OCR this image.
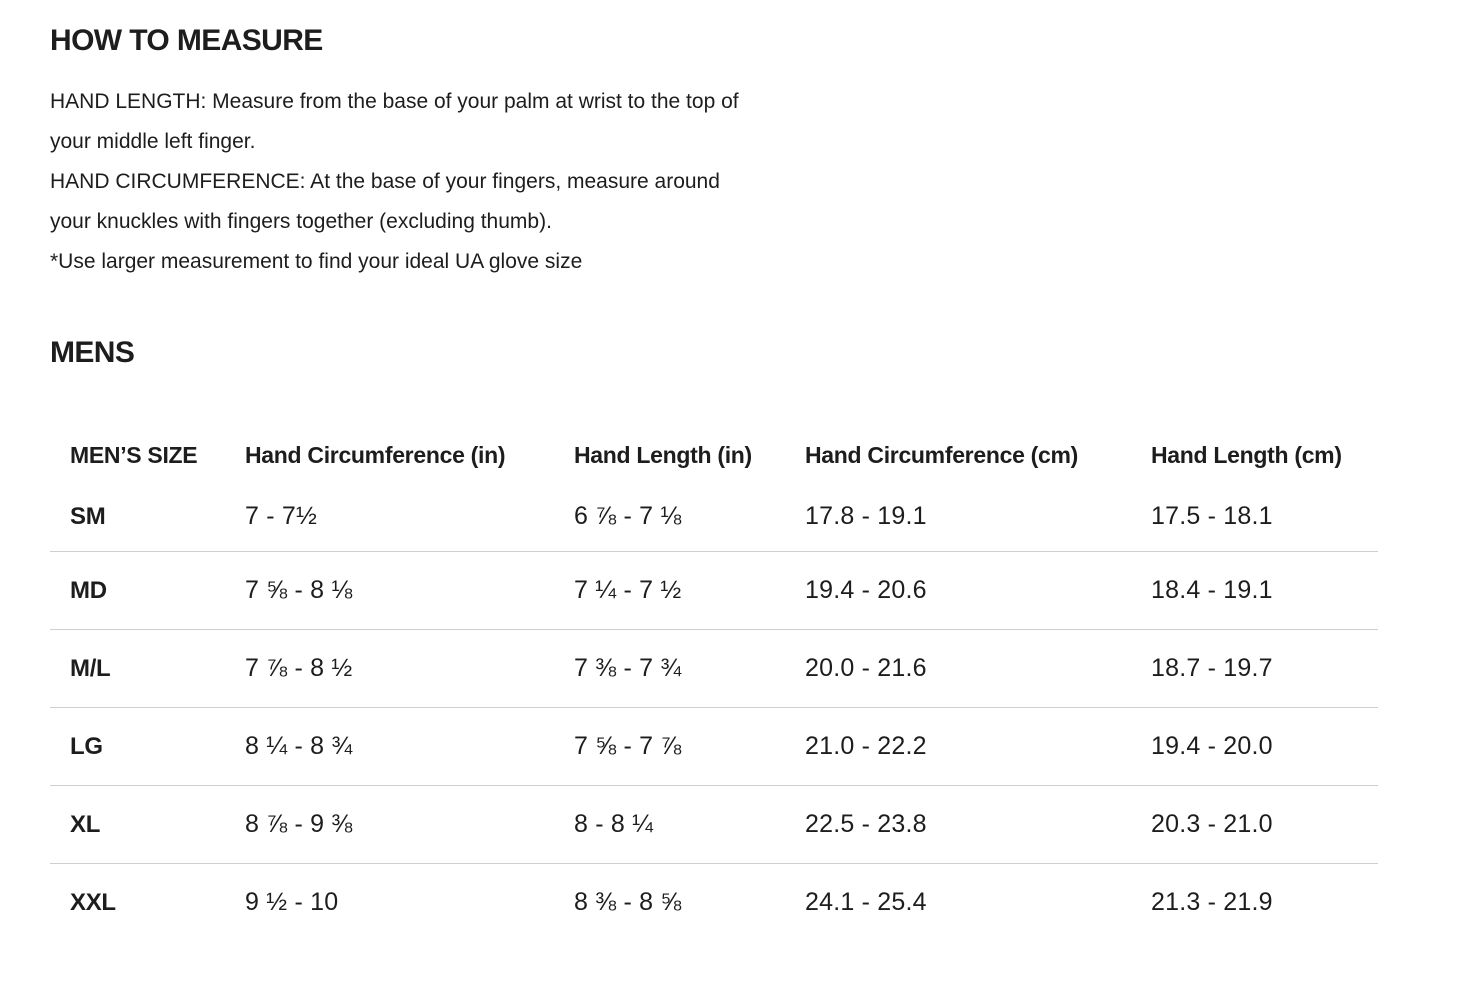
HOW TO MEASURE
HAND LENGTH: Measure from the base of your palm at wrist to the top of
your middle left finger.
HAND CIRCUMFERENCE: At the base of your fingers, measure around
your knuckles with fingers together (excluding thumb).
*Use larger measurement to find your ideal UA glove size
MENS
MEN’S SIZE	Hand Circumference (in)	Hand Length (in)	Hand Circumference (cm)	Hand Length (cm)
SM	7 - 7½	6 ⅞ - 7 ⅛	17.8 - 19.1	17.5 - 18.1
MD	7 ⅝ - 8 ⅛	7 ¼ - 7 ½	19.4 - 20.6	18.4 - 19.1
M/L	7 ⅞ - 8 ½	7 ⅜ - 7 ¾	20.0 - 21.6	18.7 - 19.7
LG	8 ¼ - 8 ¾	7 ⅝ - 7 ⅞	21.0 - 22.2	19.4 - 20.0
XL	8 ⅞ - 9 ⅜	8 - 8 ¼	22.5 - 23.8	20.3 - 21.0
XXL	9 ½ - 10	8 ⅜ - 8 ⅝	24.1 - 25.4	21.3 - 21.9
